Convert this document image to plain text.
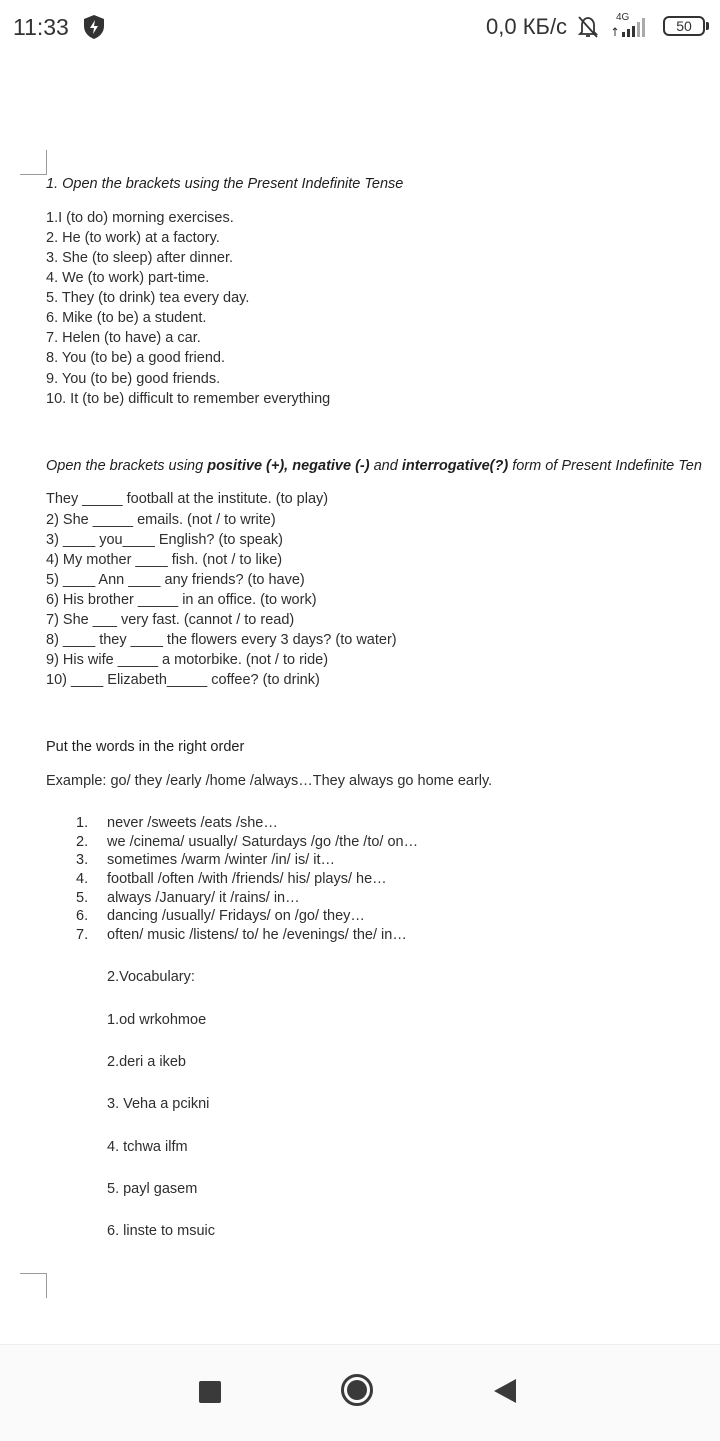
11:33	0,0 КБ/с	4G
50
1. Open the brackets using the Present Indefinite Tense
1.I (to do) morning exercises.
2. He (to work) at a factory.
3. She (to sleep) after dinner.
4. We (to work) part-time.
5. They (to drink) tea every day.
6. Mike (to be) a student.
7. Helen (to have) a car.
8. You (to be) a good friend.
9. You (to be) good friends.
10. It (to be) difficult to remember everything
Open the brackets using positive (+), negative (-) and interrogative(?) form of Present Indefinite Ten
They _____ football at the institute. (to play)
2) She _____ emails. (not / to write)
3) ____ you____ English? (to speak)
4) My mother ____ fish. (not / to like)
5) ____ Ann ____ any friends? (to have)
6) His brother _____ in an office. (to work)
7) She ___ very fast. (cannot / to read)
8) ____ they ____ the flowers every 3 days? (to water)
9) His wife _____ a motorbike. (not / to ride)
10) ____ Elizabeth_____ coffee? (to drink)
Put the words in the right order
Example: go/ they /early /home /always…They always go home early.
1. never /sweets /eats /she…
2. we /cinema/ usually/ Saturdays /go /the /to/ on…
3. sometimes /warm /winter /in/ is/ it…
4. football /often /with /friends/ his/ plays/ he…
5. always /January/ it /rains/ in…
6. dancing /usually/ Fridays/ on /go/ they…
7. often/ music /listens/ to/ he /evenings/ the/ in…
2.Vocabulary:
1.od wrkohmoe
2.deri a ikeb
3. Veha a pcikni
4. tchwa ilfm
5. payl gasem
6. linste to msuic
